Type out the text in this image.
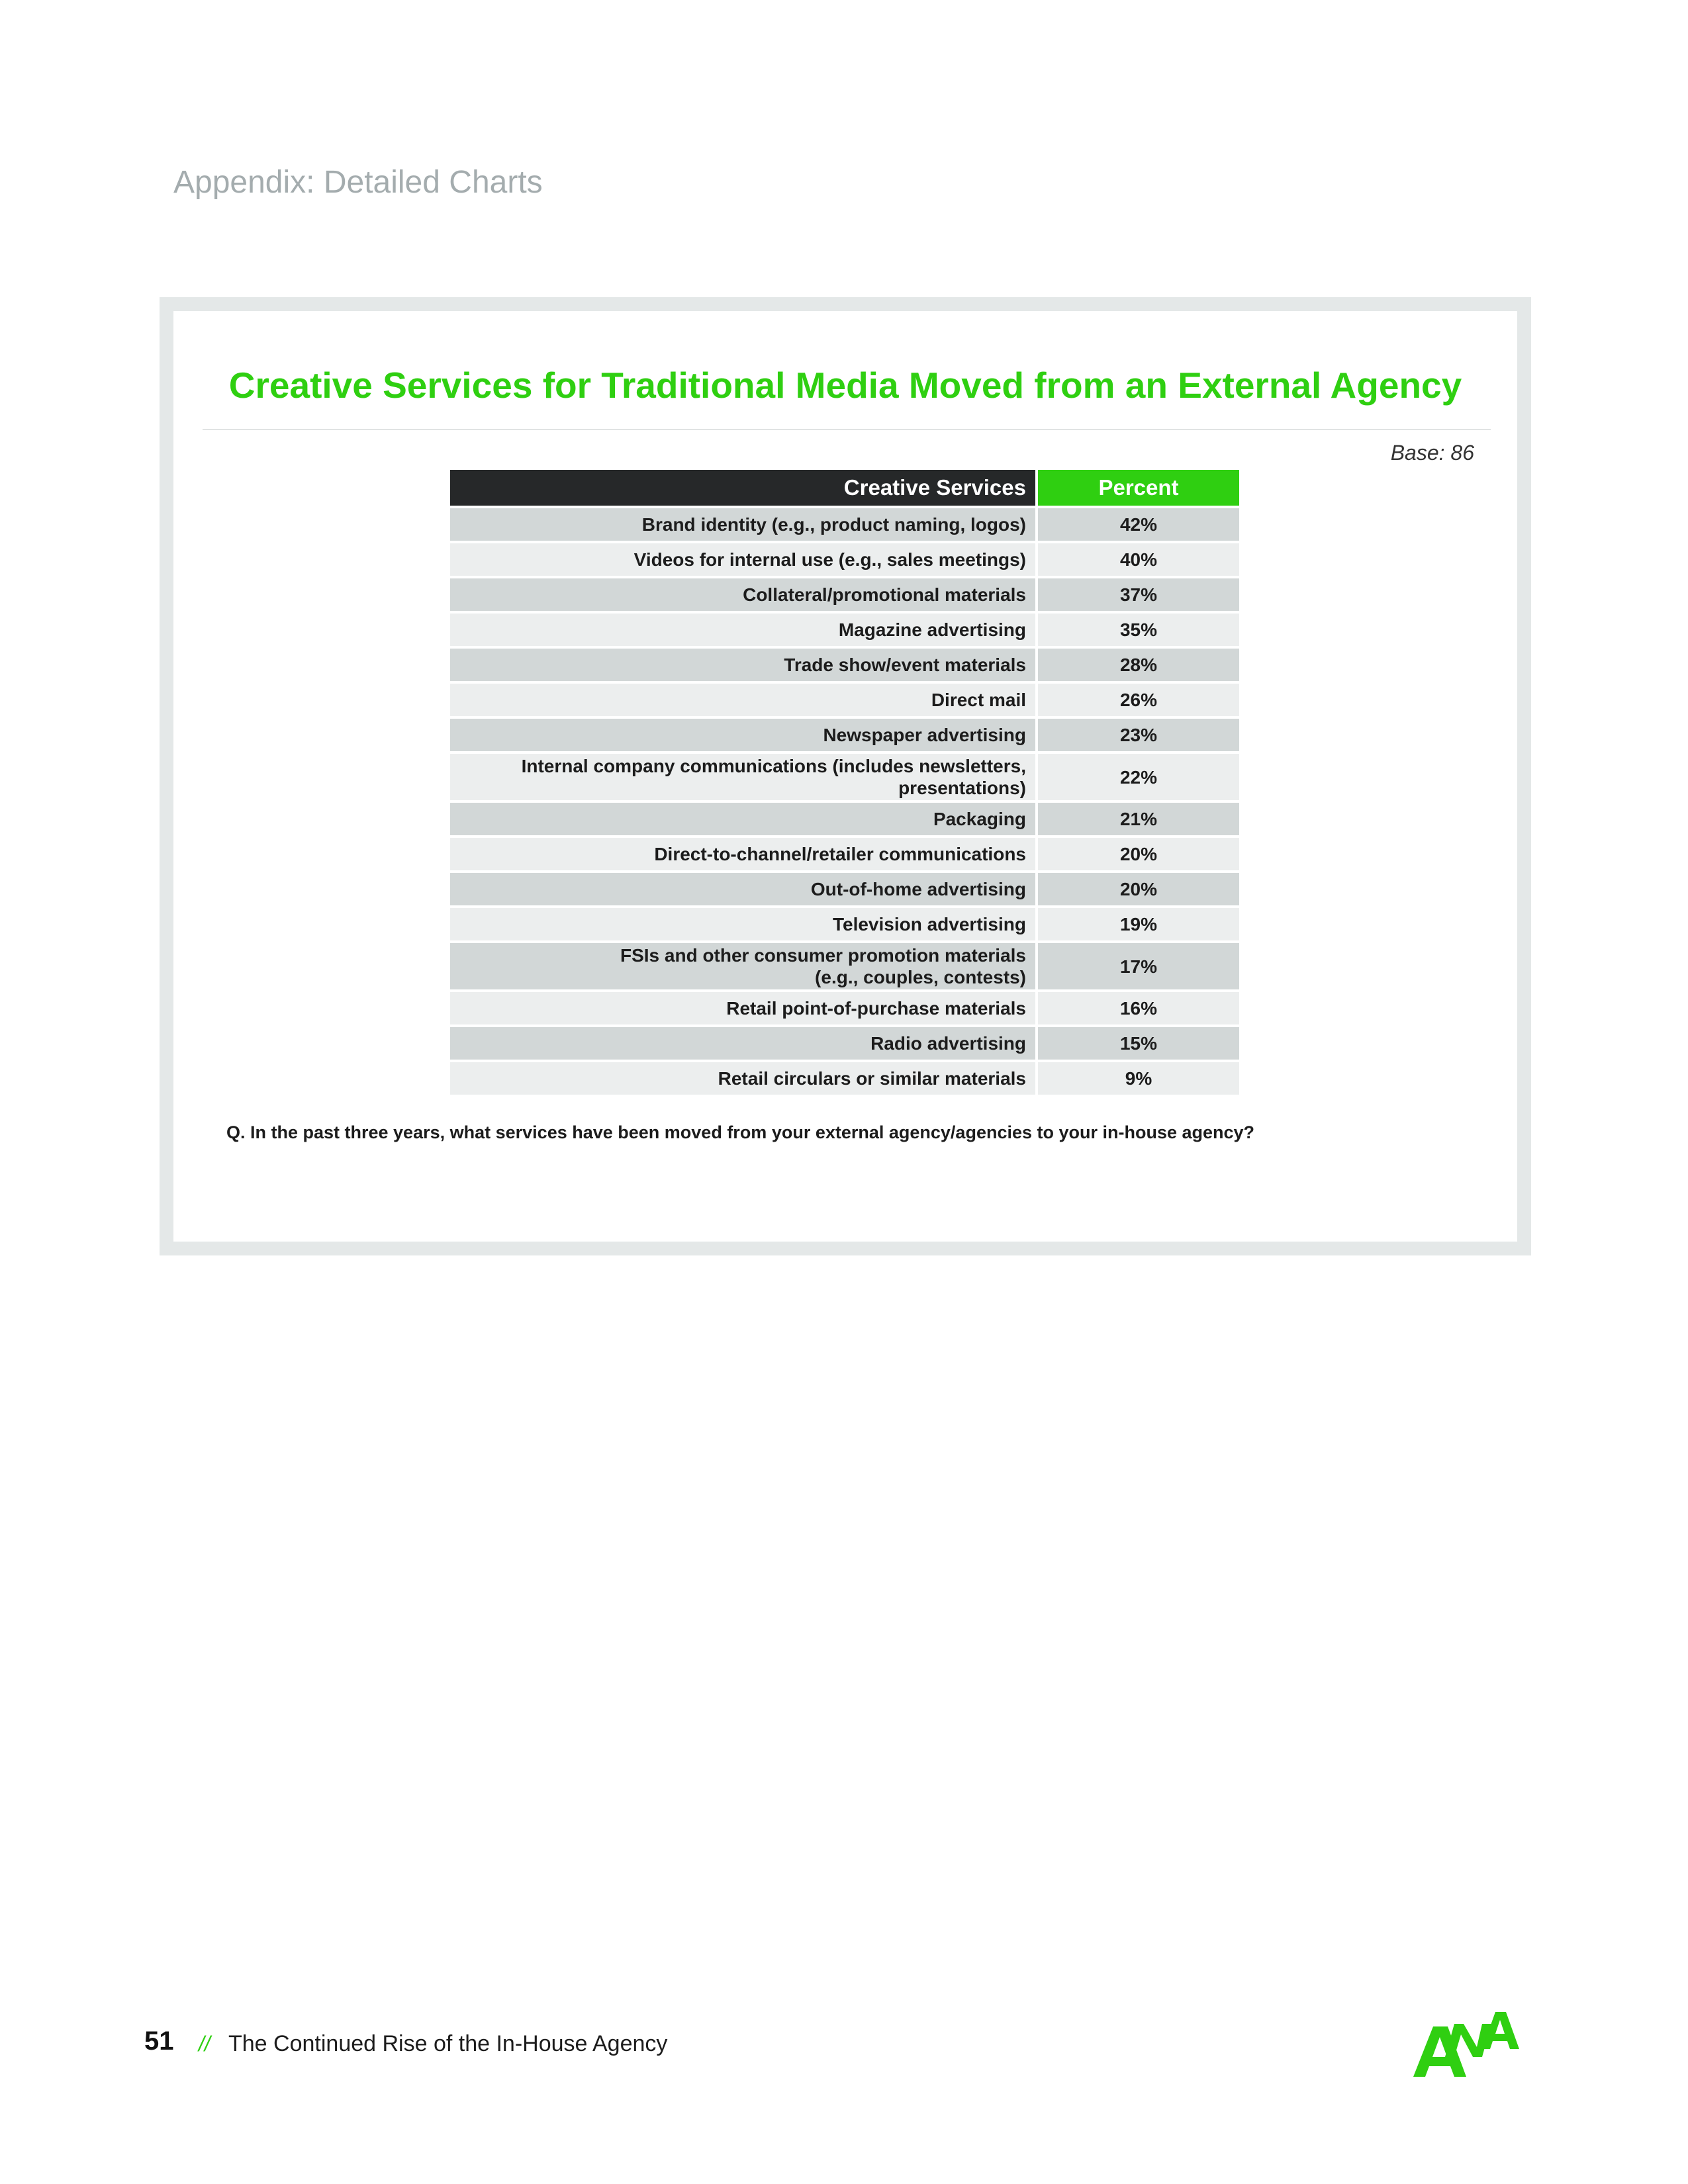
Appendix: Detailed Charts
Creative Services for Traditional Media Moved from an External Agency
Base: 86
Creative Services	Percent
Brand identity (e.g., product naming, logos)	42%
Videos for internal use (e.g., sales meetings)	40%
Collateral/promotional materials	37%
Magazine advertising	35%
Trade show/event materials	28%
Direct mail	26%
Newspaper advertising	23%

Internal company communications (includes newsletters,
presentations)	22%
Packaging	21%
Direct-to-channel/retailer communications	20%
Out-of-home advertising	20%
Television advertising	19%

FSIs and other consumer promotion materials
(e.g., couples, contests)	17%
Retail point-of-purchase materials	16%
Radio advertising	15%
Retail circulars or similar materials	9%
Q. In the past three years, what services have been moved from your external agency/agencies to your in-house agency?
51 // The Continued Rise of the In-House Agency
